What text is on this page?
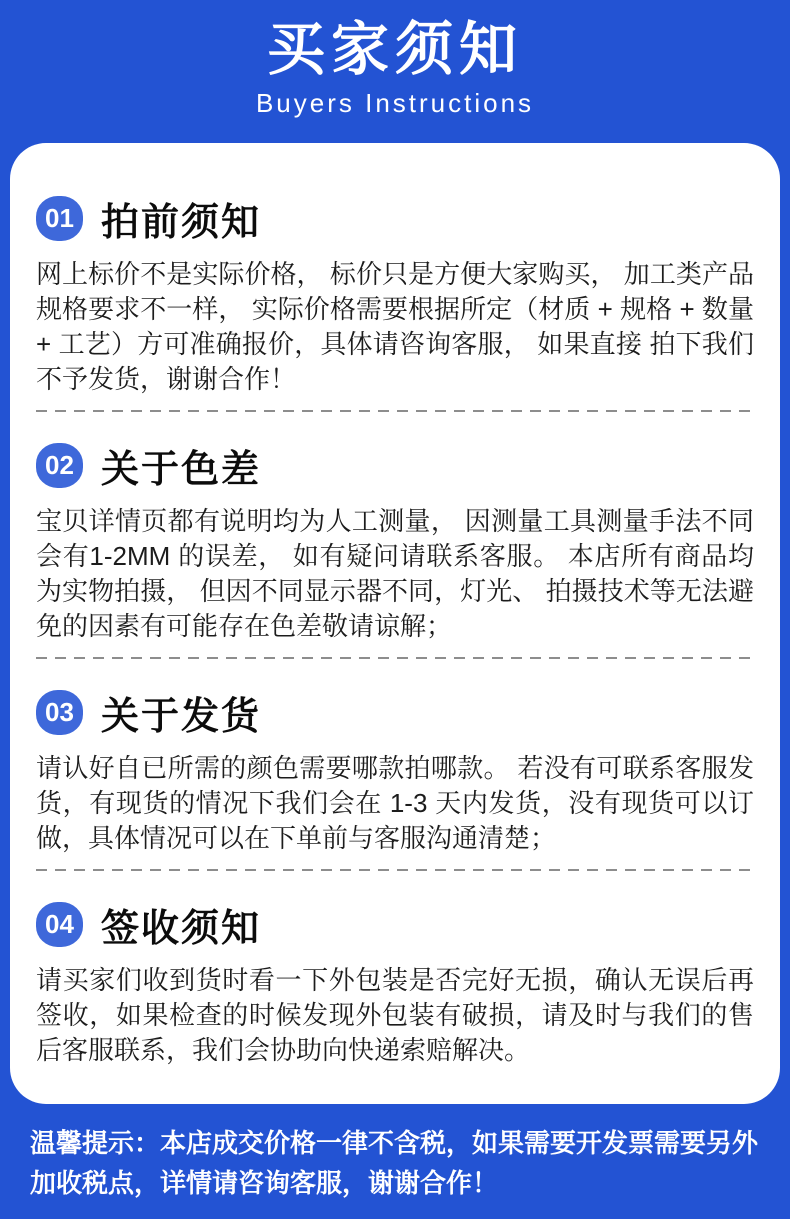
买家须知
Buyers Instructions
01 拍前须知
网上标价不是实际价格， 标价只是方便大家购买， 加工类产品规格要求不一样， 实际价格需要根据所定（材质 + 规格 + 数量 + 工艺）方可准确报价，具体请咨询客服， 如果直接 拍下我们不予发货，谢谢合作！
02 关于色差
宝贝详情页都有说明均为人工测量， 因测量工具测量手法不同会有1-2MM 的误差， 如有疑问请联系客服。 本店所有商品均为实物拍摄， 但因不同显示器不同，灯光、 拍摄技术等无法避免的因素有可能存在色差敬请谅解；
03 关于发货
请认好自已所需的颜色需要哪款拍哪款。 若没有可联系客服发货，有现货的情况下我们会在 1-3 天内发货，没有现货可以订做，具体情况可以在下单前与客服沟通清楚；
04 签收须知
请买家们收到货时看一下外包装是否完好无损，确认无误后再签收，如果检查的时候发现外包装有破损，请及时与我们的售后客服联系，我们会协助向快递索赔解决。
温馨提示：本店成交价格一律不含税，如果需要开发票需要另外加收税点，详情请咨询客服，谢谢合作！
